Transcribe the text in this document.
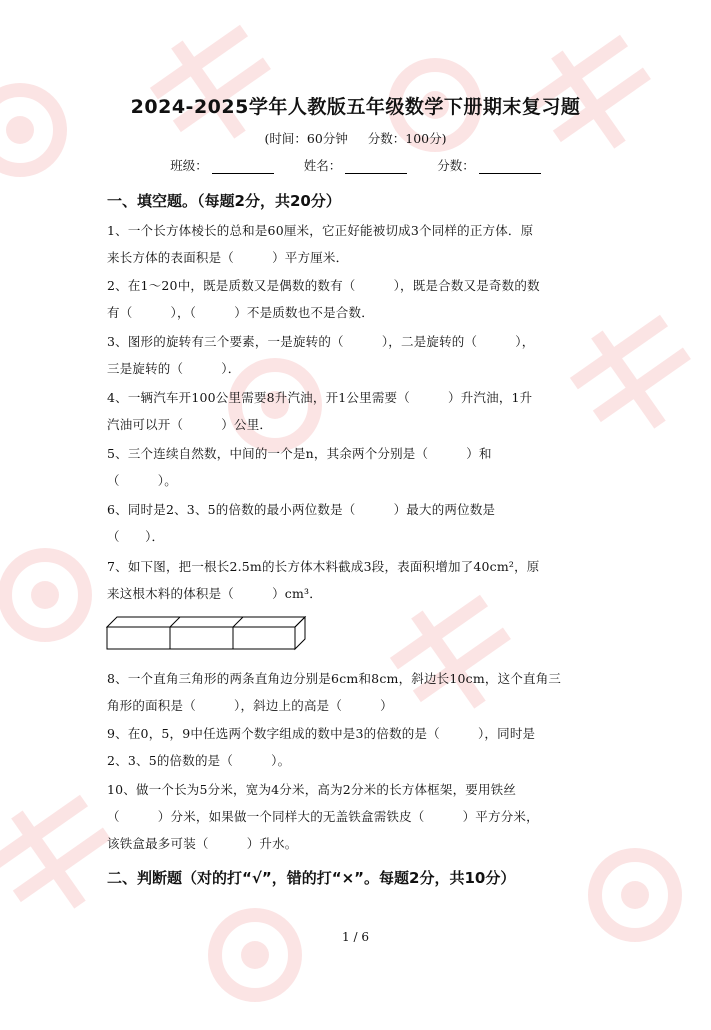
2024-2025学年人教版五年级数学下册期末复习题
(时间：60分钟 分数：100分)
班级：	姓名：	分数：
一、填空题。（每题2分，共20分）
1、一个长方体棱长的总和是60厘米，它正好能被切成3个同样的正方体．原
来长方体的表面积是（　　　）平方厘米．
2、在1～20中，既是质数又是偶数的数有（　　　），既是合数又是奇数的数
有（　　　），（　　　）不是质数也不是合数．
3、图形的旋转有三个要素，一是旋转的（　　　），二是旋转的（　　　），
三是旋转的（　　　）．
4、一辆汽车开100公里需要8升汽油，开1公里需要（　　　）升汽油，1升
汽油可以开（　　　）公里．
5、三个连续自然数，中间的一个是n，其余两个分别是（　　　）和
（　　　）。
6、同时是2、3、5的倍数的最小两位数是（　　　）最大的两位数是
（　　）．
7、如下图，把一根长2.5m的长方体木料截成3段，表面积增加了40cm²，原
来这根木料的体积是（　　　）cm³．
8、一个直角三角形的两条直角边分别是6cm和8cm，斜边长10cm，这个直角三
角形的面积是（　　　），斜边上的高是（　　　）
9、在0，5，9中任选两个数字组成的数中是3的倍数的是（　　　），同时是
2、3、5的倍数的是（　　　）。
10、做一个长为5分米，宽为4分米，高为2分米的长方体框架，要用铁丝
（　　　）分米，如果做一个同样大的无盖铁盒需铁皮（　　　）平方分米，
该铁盒最多可装（　　　）升水。
二、判断题（对的打“√”，错的打“×”。每题2分，共10分）
1 / 6
